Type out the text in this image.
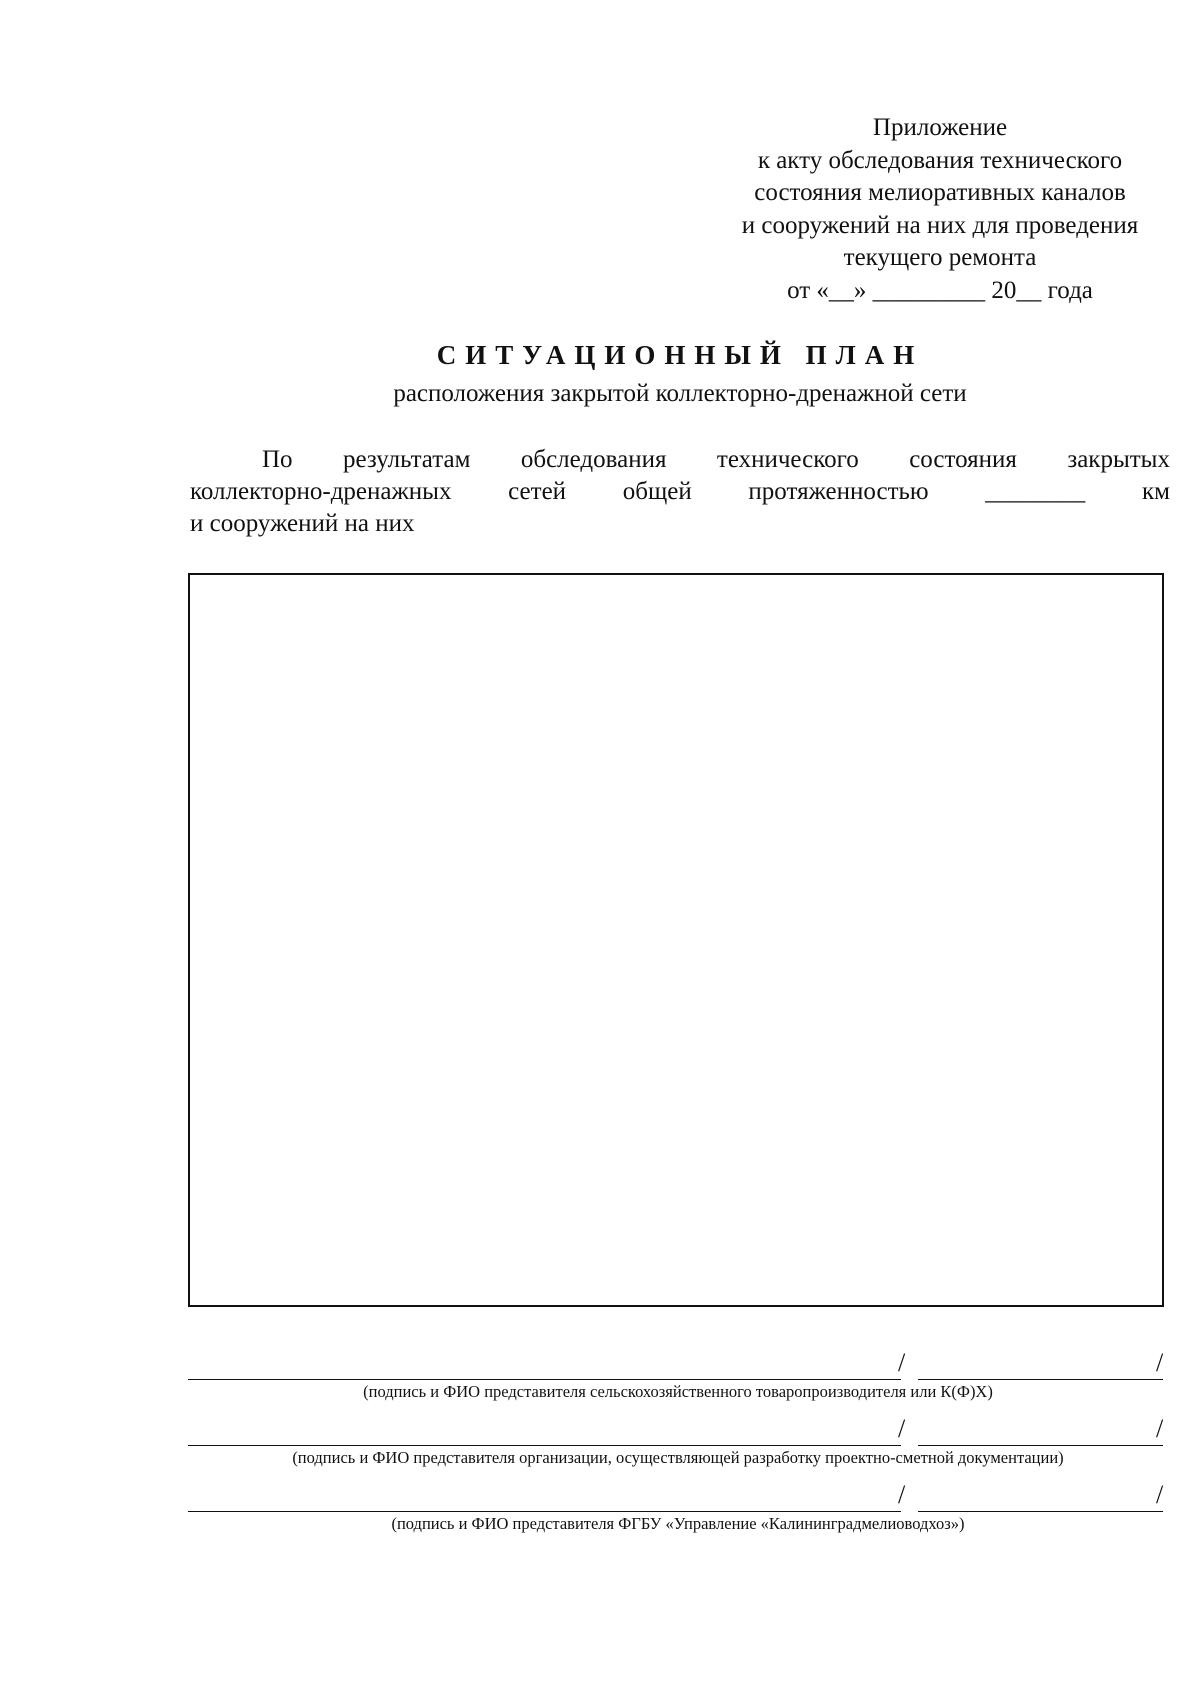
Приложение
к акту обследования технического
состояния мелиоративных каналов
и сооружений на них для проведения
текущего ремонта
от «__» _________ 20__ года
СИТУАЦИОННЫЙ ПЛАН
расположения закрытой коллекторно-дренажной сети
По результатам обследования технического состояния закрытых
коллекторно-дренажных сетей общей протяженностью ________ км
и сооружений на них
/	/
(подпись и ФИО представителя сельскохозяйственного товаропроизводителя или К(Ф)Х)
/	/
(подпись и ФИО представителя организации, осуществляющей разработку проектно-сметной документации)
/	/
(подпись и ФИО представителя ФГБУ «Управление «Калининградмелиоводхоз»)
